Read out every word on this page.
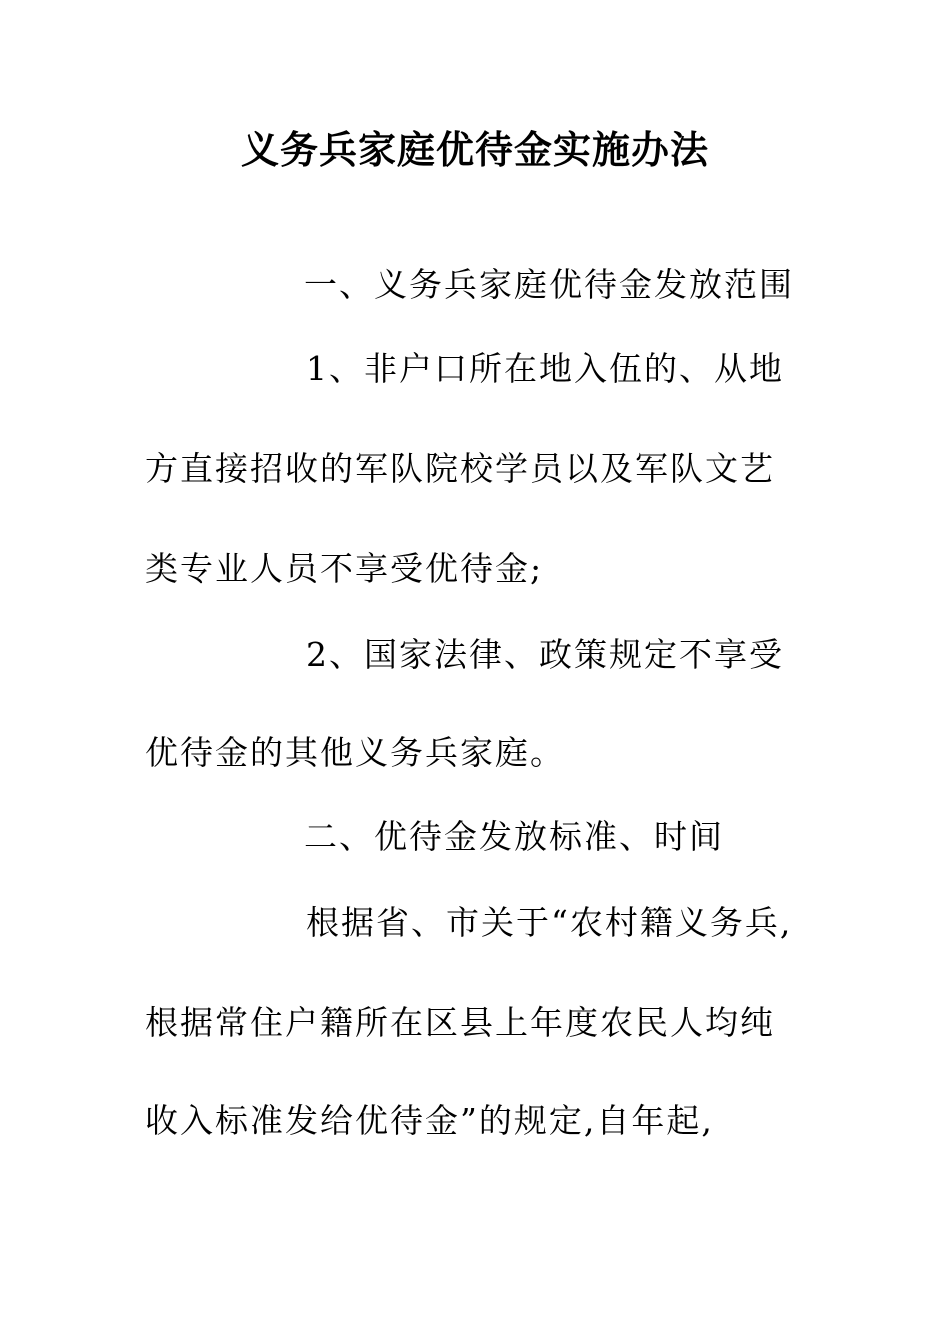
义务兵家庭优待金实施办法
一、义务兵家庭优待金发放范围
1、非户口所在地入伍的、从地
方直接招收的军队院校学员以及军队文艺
类专业人员不享受优待金;
2、国家法律、政策规定不享受
优待金的其他义务兵家庭。
二、优待金发放标准、时间
根据省、市关于“农村籍义务兵,
根据常住户籍所在区县上年度农民人均纯
收入标准发给优待金”的规定,自年起,
